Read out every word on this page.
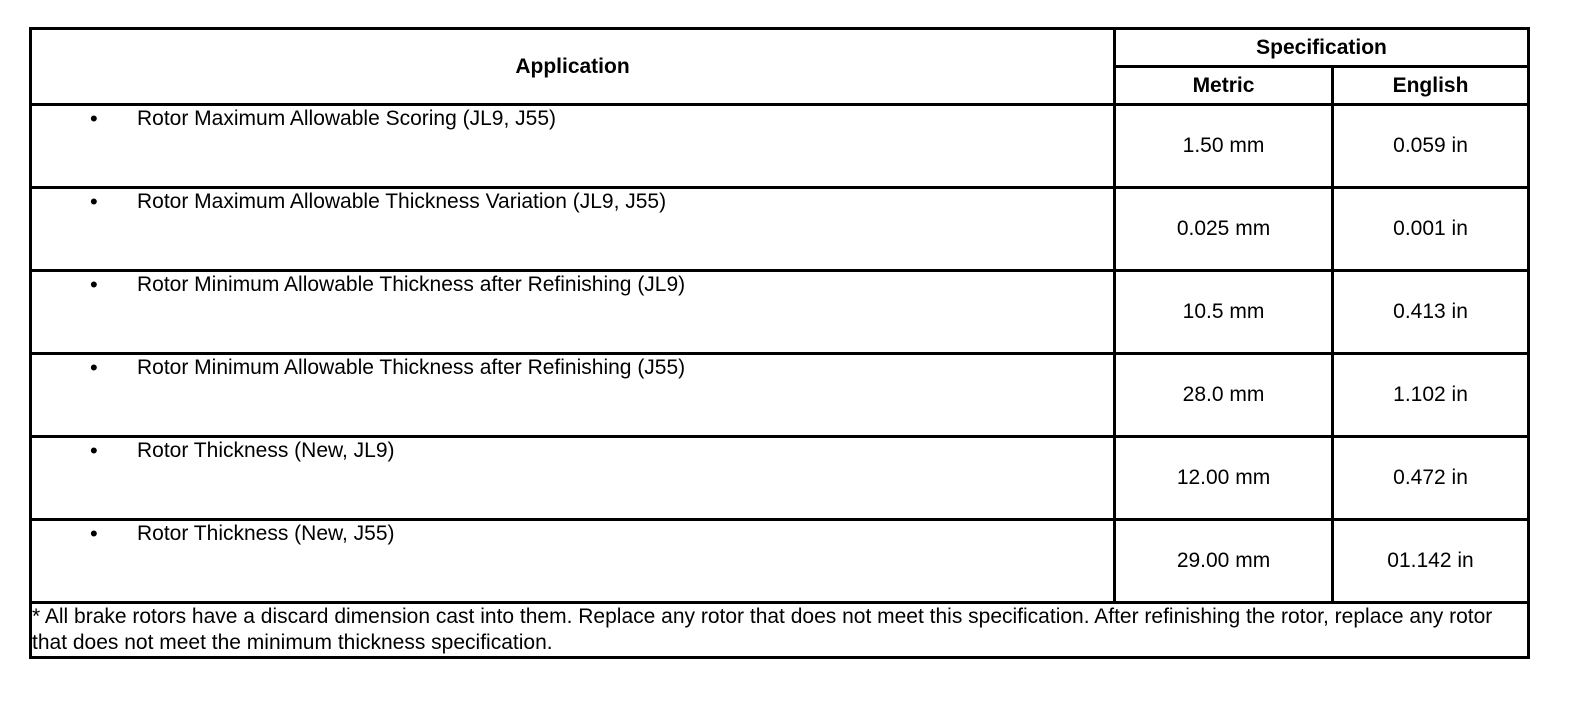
Application	Specification	
	Metric	English

• Rotor Maximum Allowable Scoring (JL9, J55)	1.50 mm	0.059 in

• Rotor Maximum Allowable Thickness Variation (JL9, J55)	0.025 mm	0.001 in

• Rotor Minimum Allowable Thickness after Refinishing (JL9)	10.5 mm	0.413 in

• Rotor Minimum Allowable Thickness after Refinishing (J55)	28.0 mm	1.102 in

• Rotor Thickness (New, JL9)	12.00 mm	0.472 in

• Rotor Thickness (New, J55)	29.00 mm	01.142 in
* All brake rotors have a discard dimension cast into them. Replace any rotor that does not meet this specification. After refinishing the rotor, replace any rotor that does not meet the minimum thickness specification.		
